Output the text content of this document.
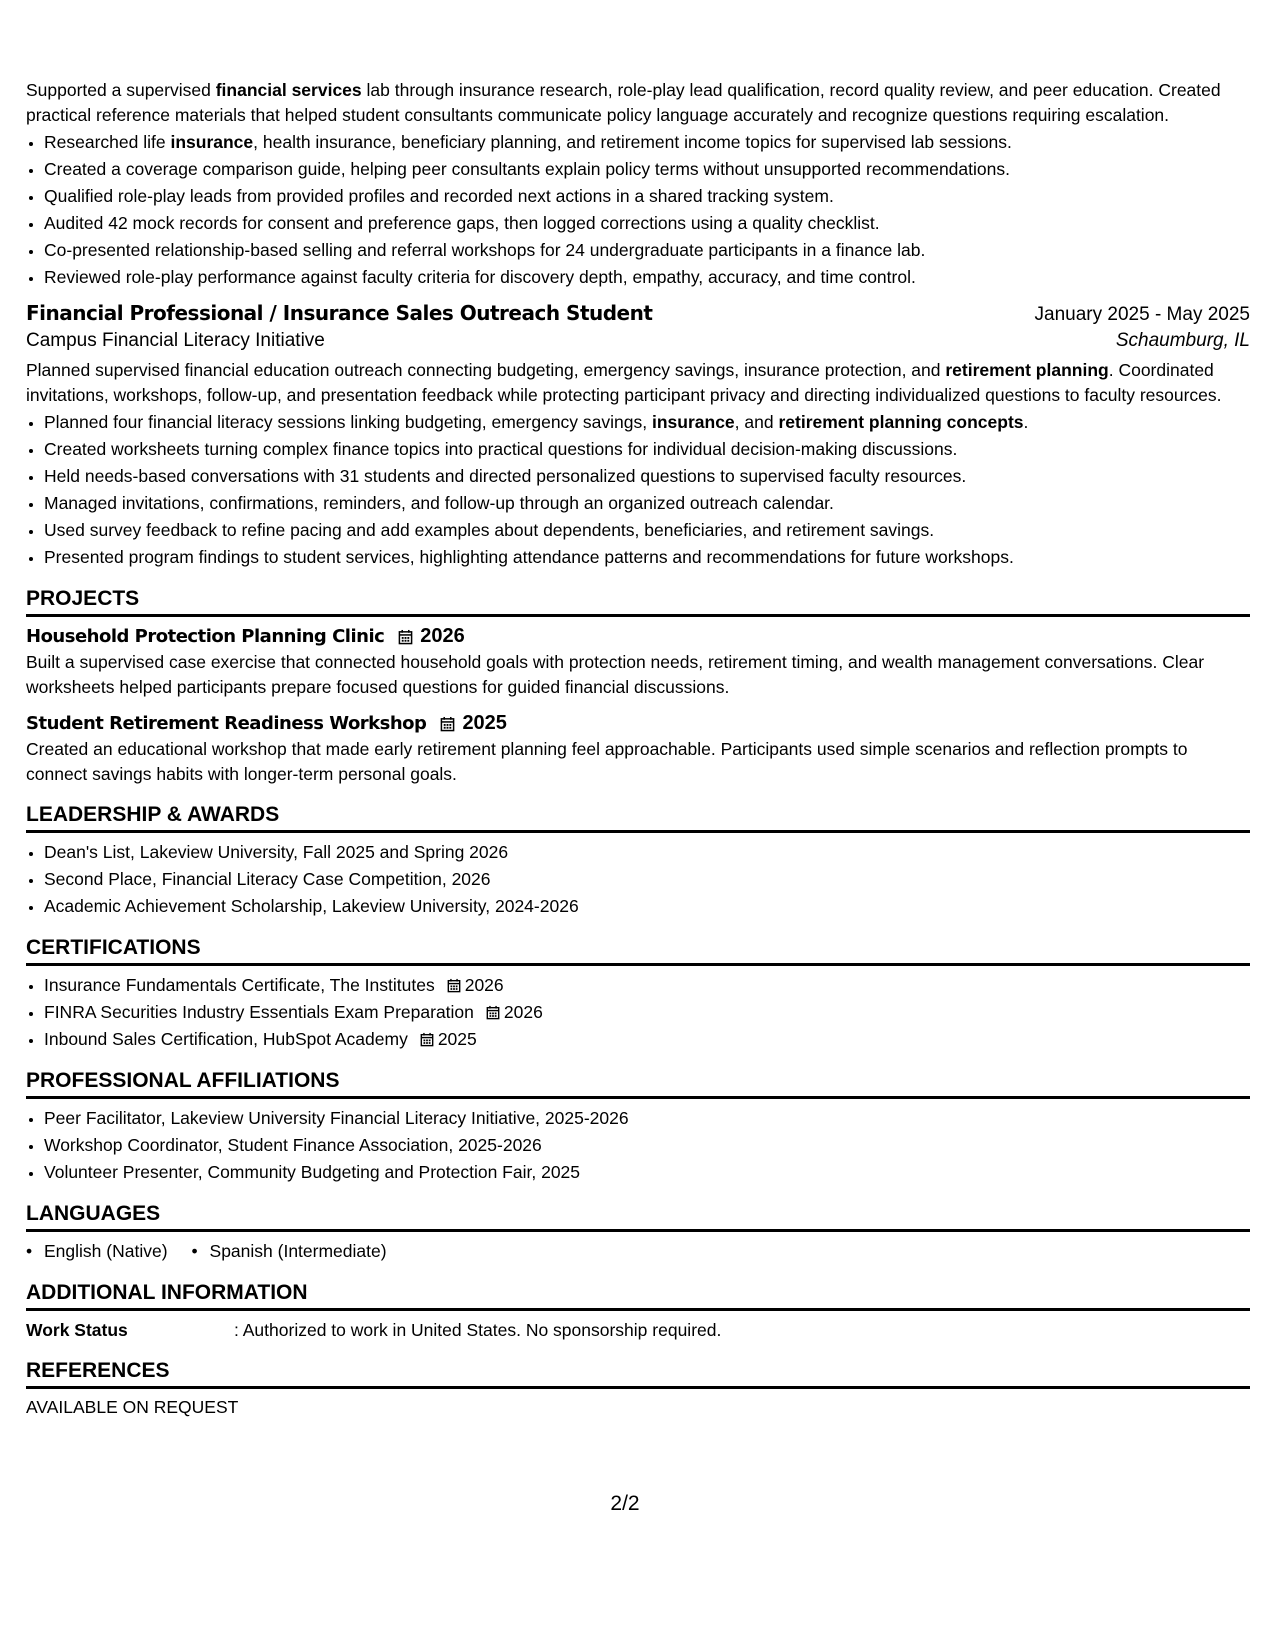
Supported a supervised financial services lab through insurance research, role-play lead qualification, record quality review, and peer education. Created practical reference materials that helped student consultants communicate policy language accurately and recognize questions requiring escalation.

• Researched life insurance, health insurance, beneficiary planning, and retirement income topics for supervised lab sessions.
• Created a coverage comparison guide, helping peer consultants explain policy terms without unsupported recommendations.
• Qualified role-play leads from provided profiles and recorded next actions in a shared tracking system.
• Audited 42 mock records for consent and preference gaps, then logged corrections using a quality checklist.
• Co-presented relationship-based selling and referral workshops for 24 undergraduate participants in a finance lab.
• Reviewed role-play performance against faculty criteria for discovery depth, empathy, accuracy, and time control.
Financial Professional / Insurance Sales Outreach Student	January 2025 - May 2025
Campus Financial Literacy Initiative	Schaumburg, IL

Planned supervised financial education outreach connecting budgeting, emergency savings, insurance protection, and retirement planning. Coordinated invitations, workshops, follow-up, and presentation feedback while protecting participant privacy and directing individualized questions to faculty resources.

• Planned four financial literacy sessions linking budgeting, emergency savings, insurance, and retirement planning concepts.
• Created worksheets turning complex finance topics into practical questions for individual decision-making discussions.
• Held needs-based conversations with 31 students and directed personalized questions to supervised faculty resources.
• Managed invitations, confirmations, reminders, and follow-up through an organized outreach calendar.
• Used survey feedback to refine pacing and add examples about dependents, beneficiaries, and retirement savings.
• Presented program findings to student services, highlighting attendance patterns and recommendations for future workshops.
PROJECTS
Household Protection Planning Clinic 2026

Built a supervised case exercise that connected household goals with protection needs, retirement timing, and wealth management conversations. Clear worksheets helped participants prepare focused questions for guided financial discussions.

Student Retirement Readiness Workshop 2025

Created an educational workshop that made early retirement planning feel approachable. Participants used simple scenarios and reflection prompts to connect savings habits with longer-term personal goals.

LEADERSHIP & AWARDS
• Dean's List, Lakeview University, Fall 2025 and Spring 2026
• Second Place, Financial Literacy Case Competition, 2026
• Academic Achievement Scholarship, Lakeview University, 2024-2026
CERTIFICATIONS
• Insurance Fundamentals Certificate, The Institutes 2026
• FINRA Securities Industry Essentials Exam Preparation 2026
• Inbound Sales Certification, HubSpot Academy 2025
PROFESSIONAL AFFILIATIONS
• Peer Facilitator, Lakeview University Financial Literacy Initiative, 2025-2026
• Workshop Coordinator, Student Finance Association, 2025-2026
• Volunteer Presenter, Community Budgeting and Protection Fair, 2025
LANGUAGES
• English (Native)
•	Spanish (Intermediate)
ADDITIONAL INFORMATION
Work Status	: Authorized to work in United States. No sponsorship required.
REFERENCES
AVAILABLE ON REQUEST
2/2
